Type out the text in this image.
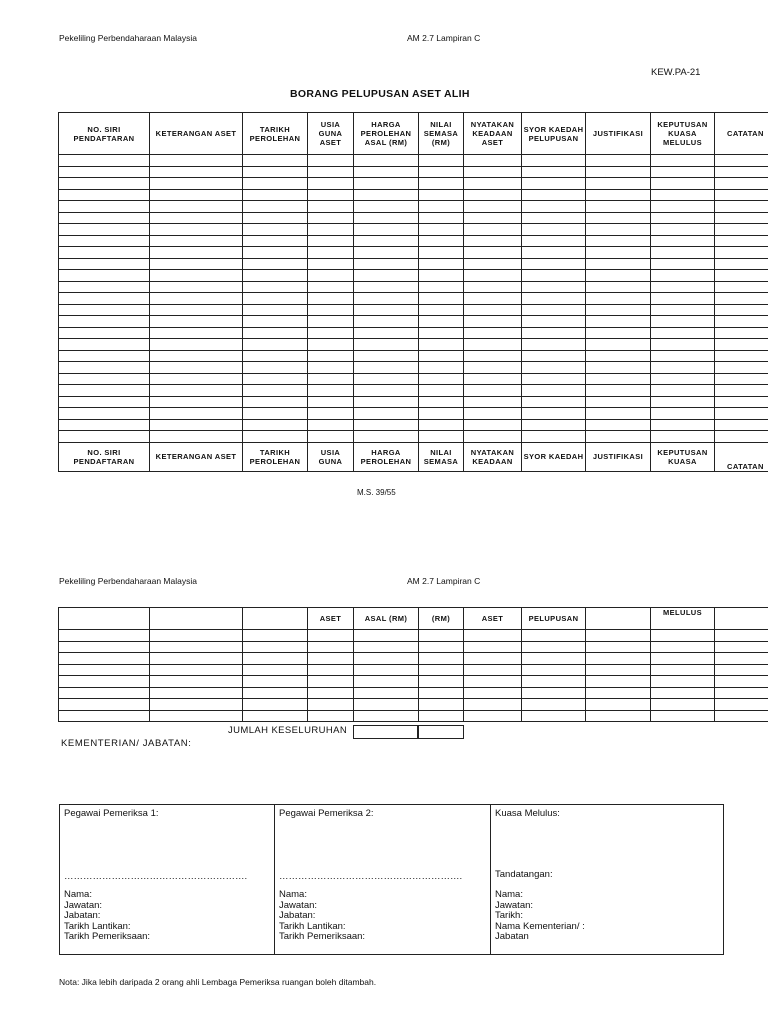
Pekeliling Perbendaharaan Malaysia	AM 2.7 Lampiran C
KEW.PA-21
BORANG PELUPUSAN ASET ALIH
NO. SIRI PENDAFTARAN	KETERANGAN ASET	TARIKH PEROLEHAN	USIA GUNA ASET	HARGA PEROLEHAN ASAL (RM)	NILAI SEMASA (RM)	NYATAKAN KEADAAN ASET	SYOR KAEDAH PELUPUSAN	JUSTIFIKASI	KEPUTUSAN KUASA MELULUS	CATATAN

NO. SIRI PENDAFTARAN	KETERANGAN ASET	TARIKH PEROLEHAN	USIA GUNA	HARGA PEROLEHAN	NILAI SEMASA	NYATAKAN KEADAAN	SYOR KAEDAH	JUSTIFIKASI	KEPUTUSAN KUASA	CATATAN
M.S. 39/55
Pekeliling Perbendaharaan Malaysia	AM 2.7 Lampiran C
			ASET	ASAL (RM)	(RM)	ASET	PELUPUSAN		MELULUS	

JUMLAH KESELURUHAN
KEMENTERIAN/ JABATAN:
Pegawai Pemeriksa 1:
………………………………………………….
Nama:
Jawatan:
Jabatan:
Tarikh Lantikan:
Tarikh Pemeriksaan:

Pegawai Pemeriksa 2:
………………………………………………….
Nama:
Jawatan:
Jabatan:
Tarikh Lantikan:
Tarikh Pemeriksaan:

Kuasa Melulus:
Tandatangan:
Nama:
Jawatan:
Tarikh:
Nama Kementerian/ :
Jabatan
Nota: Jika lebih daripada 2 orang ahli Lembaga Pemeriksa ruangan boleh ditambah.
